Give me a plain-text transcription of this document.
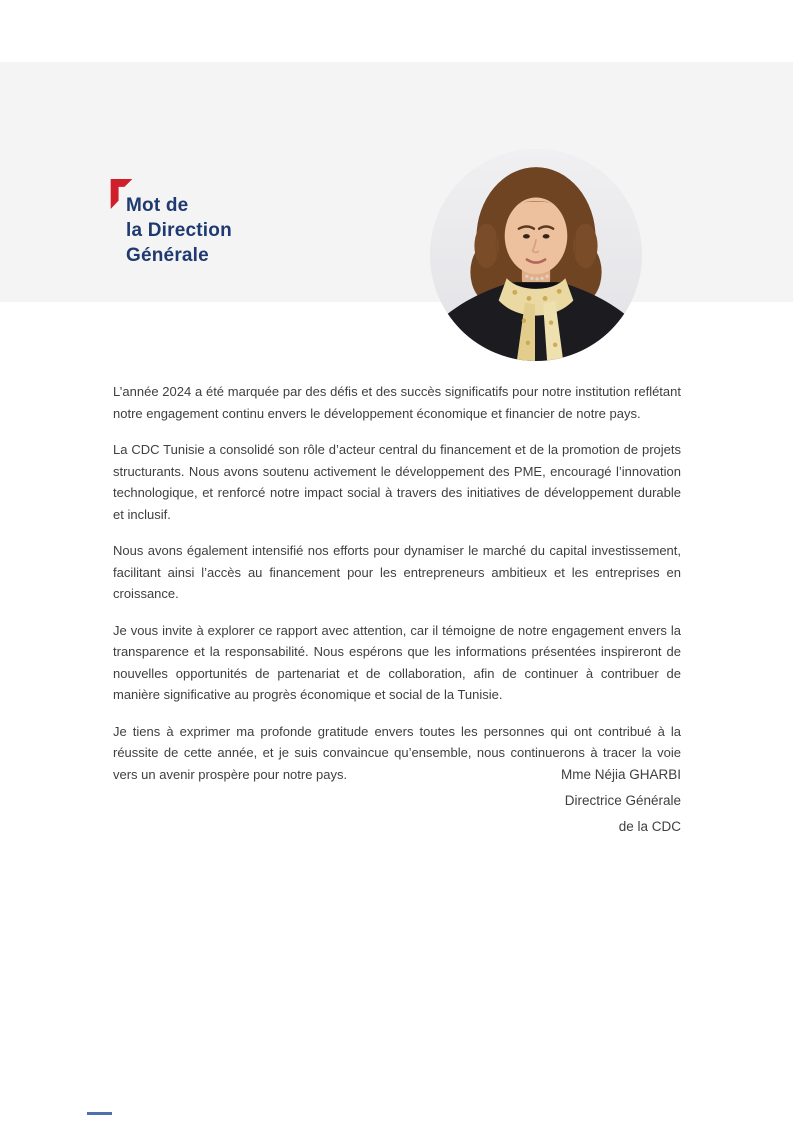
Mot de
la Direction
Générale

L’année 2024 a été marquée par des défis et des succès significatifs pour notre institution reflétant notre engagement continu envers le développement économique et financier de notre pays.

La CDC Tunisie a consolidé son rôle d’acteur central du financement et de la promotion de projets structurants. Nous avons soutenu activement le développement des PME, encouragé l’innovation technologique, et renforcé notre impact social à travers des initiatives de développement durable et inclusif.

Nous avons également intensifié nos efforts pour dynamiser le marché du capital investissement, facilitant ainsi l’accès au financement pour les entrepreneurs ambitieux et les entreprises en croissance.

Je vous invite à explorer ce rapport avec attention, car il témoigne de notre engagement envers la transparence et la responsabilité. Nous espérons que les informations présentées inspireront de nouvelles opportunités de partenariat et de collaboration, afin de continuer à contribuer de manière significative au progrès économique et social de la Tunisie.

Je tiens à exprimer ma profonde gratitude envers toutes les personnes qui ont contribué à la réussite de cette année, et je suis convaincue qu’ensemble, nous continuerons à tracer la voie vers un avenir prospère pour notre pays.	Mme Néjia GHARBI
Directrice Générale
de la CDC
